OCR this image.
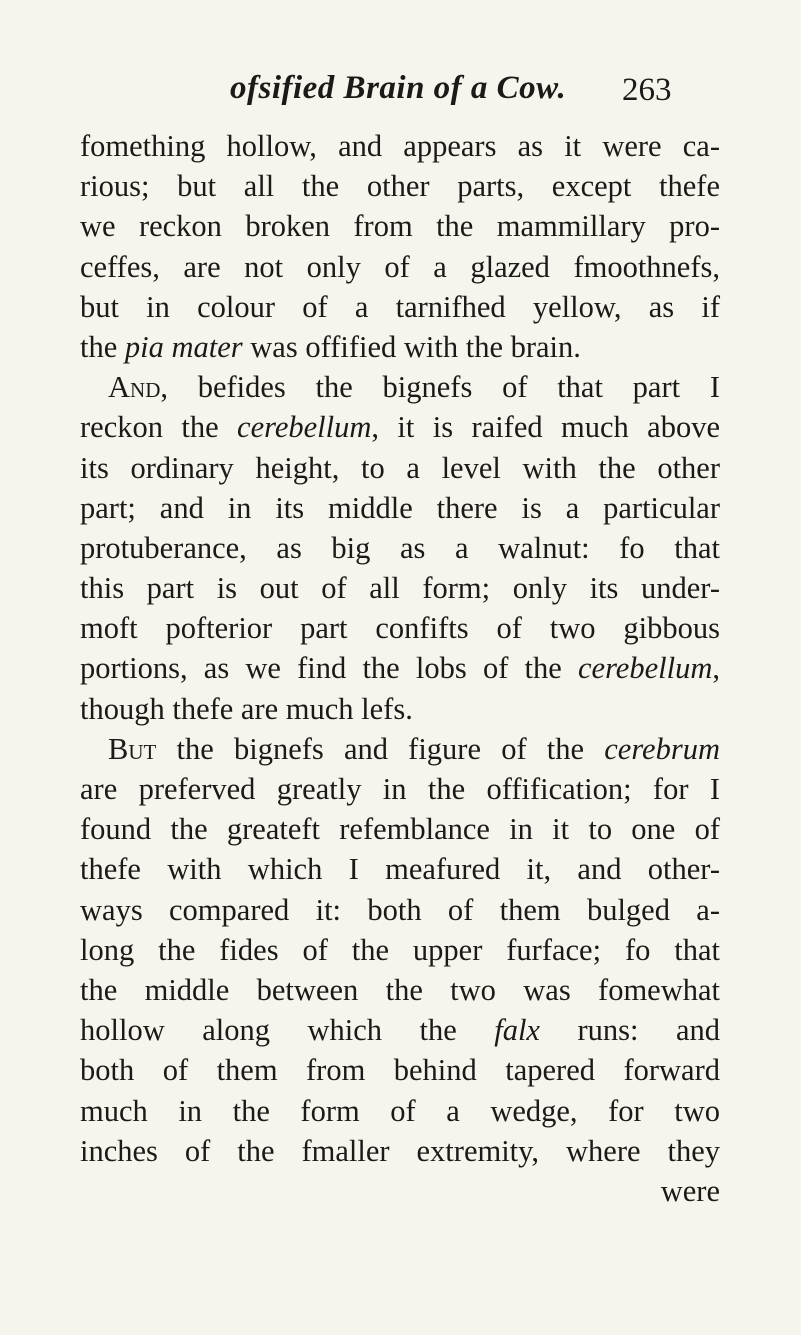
ofsified Brain of a Cow. 263
fomething hollow, and appears as it were ca-
rious; but all the other parts, except thefe
we reckon broken from the mammillary pro-
ceffes, are not only of a glazed fmoothnefs,
but in colour of a tarnifhed yellow, as if
the pia mater was offified with the brain.
And, befides the bignefs of that part I
reckon the cerebellum, it is raifed much above
its ordinary height, to a level with the other
part; and in its middle there is a particular
protuberance, as big as a walnut: fo that
this part is out of all form; only its under-
moft pofterior part confifts of two gibbous
portions, as we find the lobs of the cerebellum,
though thefe are much lefs.
But the bignefs and figure of the cerebrum
are preferved greatly in the offification; for I
found the greateft refemblance in it to one of
thefe with which I meafured it, and other-
ways compared it: both of them bulged a-
long the fides of the upper furface; fo that
the middle between the two was fomewhat
hollow along which the falx runs: and
both of them from behind tapered forward
much in the form of a wedge, for two
inches of the fmaller extremity, where they
were
